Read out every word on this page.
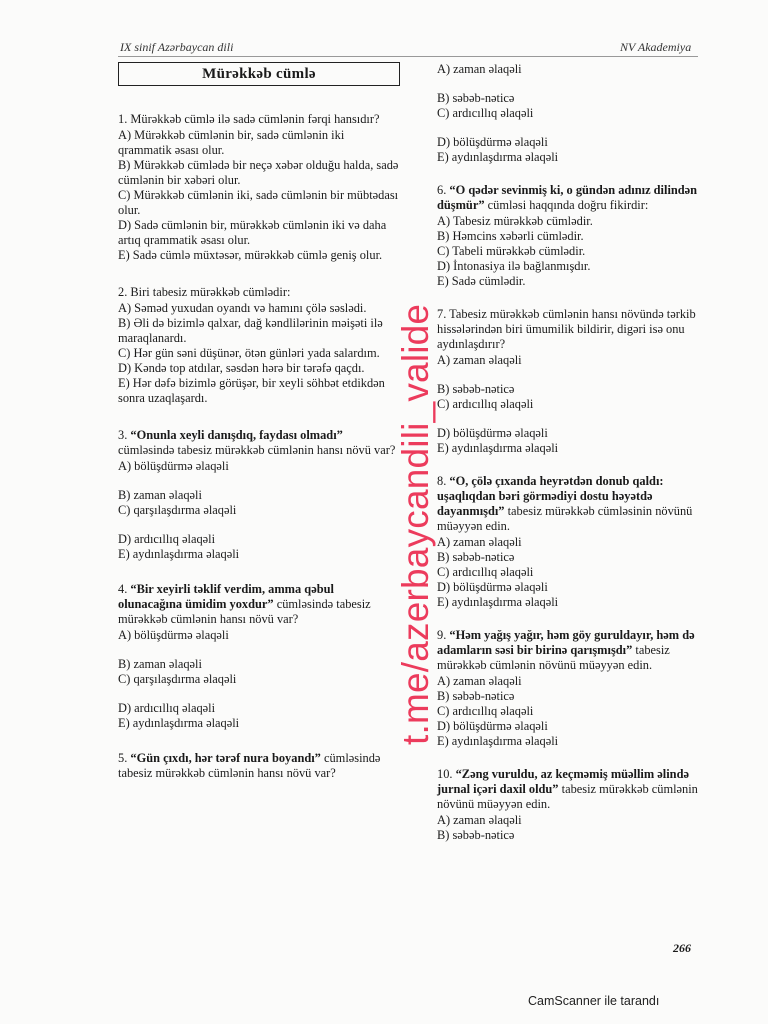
IX sinif Azərbaycan dili	NV Akademiya
Mürəkkəb cümlə

1. Mürəkkəb cümlə ilə sadə cümlənin fərqi hansıdır?

A) Mürəkkəb cümlənin bir, sadə cümlənin iki qrammatik əsası olur.

B) Mürəkkəb cümlədə bir neçə xəbər olduğu halda, sadə cümlənin bir xəbəri olur.

C) Mürəkkəb cümlənin iki, sadə cümlənin bir mübtədası olur.

D) Sadə cümlənin bir, mürəkkəb cümlənin iki və daha artıq qrammatik əsası olur.

E) Sadə cümlə müxtəsər, mürəkkəb cümlə geniş olur.

2. Biri tabesiz mürəkkəb cümlədir:

A) Səməd yuxudan oyandı və hamını çölə səslədi.

B) Əli də bizimlə qalxar, dağ kəndlilərinin məişəti ilə maraqlanardı.

C) Hər gün səni düşünər, ötən günləri yada salardım.

D) Kəndə top atdılar, səsdən hərə bir tərəfə qaçdı.

E) Hər dəfə bizimlə görüşər, bir xeyli söhbət etdikdən sonra uzaqlaşardı.

3. “Onunla xeyli danışdıq, faydası olmadı” cümləsində tabesiz mürəkkəb cümlənin hansı növü var?

A) bölüşdürmə əlaqəli

B) zaman əlaqəli

C) qarşılaşdırma əlaqəli

D) ardıcıllıq əlaqəli

E) aydınlaşdırma əlaqəli

4. “Bir xeyirli təklif verdim, amma qəbul olunacağına ümidim yoxdur” cümləsində tabesiz mürəkkəb cümlənin hansı növü var?

A) bölüşdürmə əlaqəli

B) zaman əlaqəli

C) qarşılaşdırma əlaqəli

D) ardıcıllıq əlaqəli

E) aydınlaşdırma əlaqəli

5. “Gün çıxdı, hər tərəf nura boyandı” cümləsində tabesiz mürəkkəb cümlənin hansı növü var?

A) zaman əlaqəli

B) səbəb-nəticə

C) ardıcıllıq əlaqəli

D) bölüşdürmə əlaqəli

E) aydınlaşdırma əlaqəli

6. “O qədər sevinmiş ki, o gündən adınız dilindən düşmür” cümləsi haqqında doğru fikirdir:

A) Tabesiz mürəkkəb cümlədir.

B) Həmcins xəbərli cümlədir.

C) Tabeli mürəkkəb cümlədir.

D) İntonasiya ilə bağlanmışdır.

E) Sadə cümlədir.

7. Tabesiz mürəkkəb cümlənin hansı növündə tərkib hissələrindən biri ümumilik bildirir, digəri isə onu aydınlaşdırır?

A) zaman əlaqəli

B) səbəb-nəticə

C) ardıcıllıq əlaqəli

D) bölüşdürmə əlaqəli

E) aydınlaşdırma əlaqəli

8. “O, çölə çıxanda heyrətdən donub qaldı: uşaqlıqdan bəri görmədiyi dostu həyətdə dayanmışdı” tabesiz mürəkkəb cümləsinin növünü müəyyən edin.

A) zaman əlaqəli

B) səbəb-nəticə

C) ardıcıllıq əlaqəli

D) bölüşdürmə əlaqəli

E) aydınlaşdırma əlaqəli

9. “Həm yağış yağır, həm göy guruldayır, həm də adamların səsi bir birinə qarışmışdı” tabesiz mürəkkəb cümlənin növünü müəyyən edin.

A) zaman əlaqəli

B) səbəb-nəticə

C) ardıcıllıq əlaqəli

D) bölüşdürmə əlaqəli

E) aydınlaşdırma əlaqəli

10. “Zəng vuruldu, az keçməmiş müəllim əlində jurnal içəri daxil oldu” tabesiz mürəkkəb cümlənin növünü müəyyən edin.

A) zaman əlaqəli

B) səbəb-nəticə

266
t.me/azerbaycandili_valide
CamScanner ile tarandı
